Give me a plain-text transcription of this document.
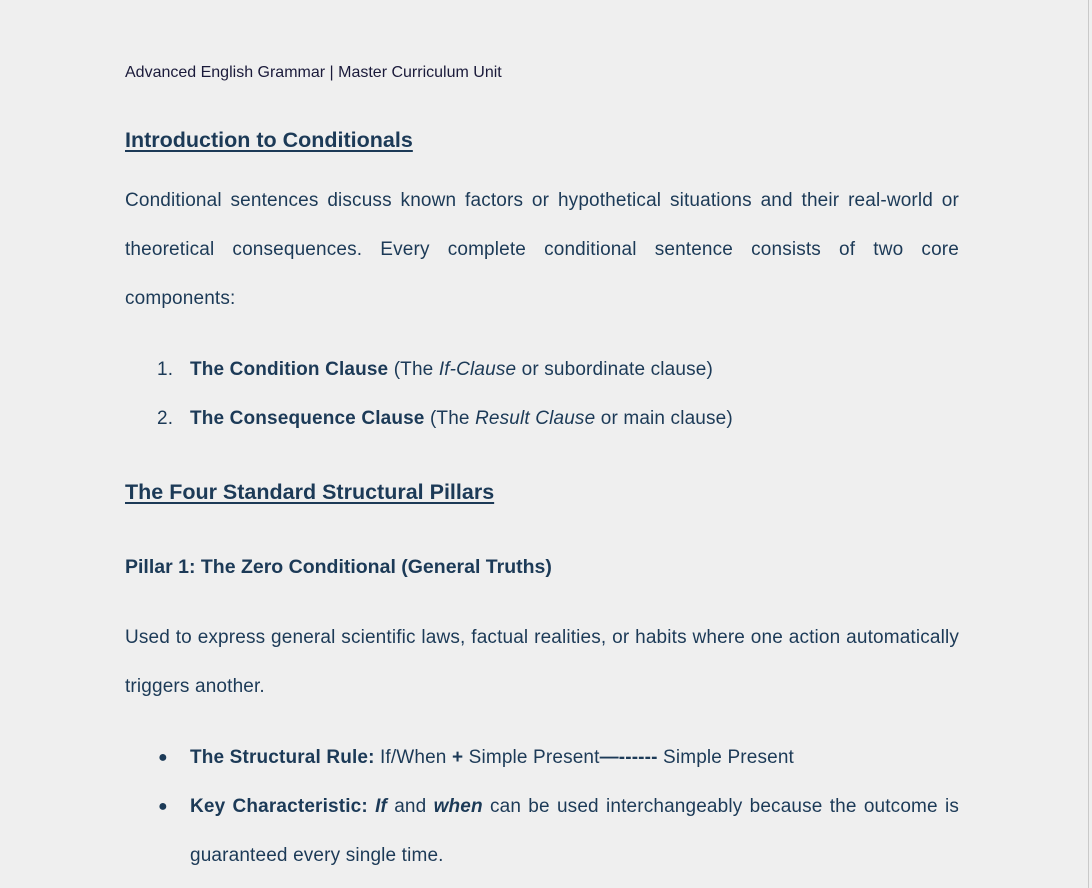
Advanced English Grammar | Master Curriculum Unit
Introduction to Conditionals

Conditional sentences discuss known factors or hypothetical situations and their real-world or theoretical consequences. Every complete conditional sentence consists of two core components:

1. The Condition Clause (The If-Clause or subordinate clause)
2. The Consequence Clause (The Result Clause or main clause)
The Four Standard Structural Pillars
Pillar 1: The Zero Conditional (General Truths)

Used to express general scientific laws, factual realities, or habits where one action automatically triggers another.

● The Structural Rule: If/When + Simple Present—------ Simple Present
● Key Characteristic: If and when can be used interchangeably because the outcome is guaranteed every single time.
